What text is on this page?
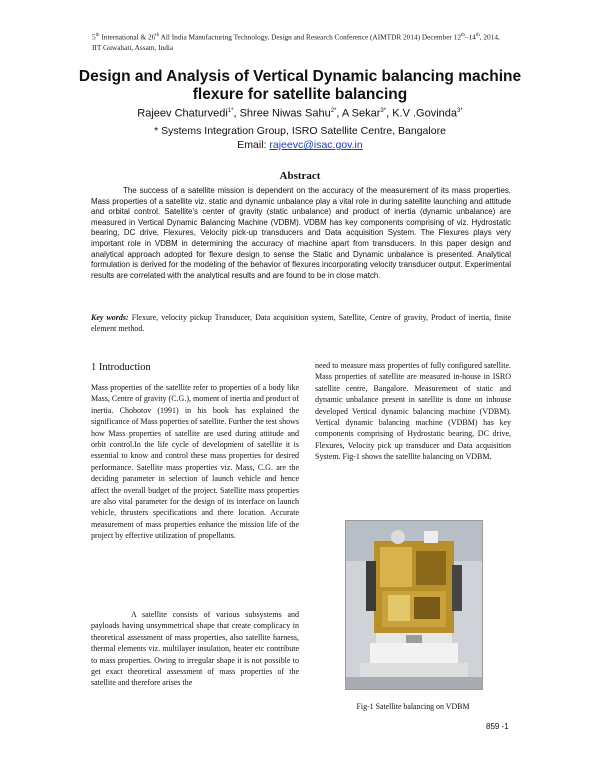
5th International & 26th All India Manufacturing Technology, Design and Research Conference (AIMTDR 2014) December 12th–14th, 2014,
IIT Guwahati, Assam, India
Design and Analysis of Vertical Dynamic balancing machine flexure for satellite balancing
Rajeev Chaturvedi$^{1*}$, Shree Niwas Sahu$^{2*}$, A Sekar$^{3*}$, K.V .Govinda$^{3*}$
* Systems Integration Group, ISRO Satellite Centre, Bangalore
Email: rajeevc@isac.gov.in
Abstract
The success of a satellite mission is dependent on the accuracy of the measurement of its mass properties. Mass properties of a satellite viz. static and dynamic unbalance play a vital role in during satellite launching and attitude and orbital control. Satellite’s center of gravity (static unbalance) and product of inertia (dynamic unbalance) are measured in Vertical Dynamic Balancing Machine (VDBM). VDBM has key components comprising of viz. Hydrostatic bearing, DC drive, Flexures, Velocity pick-up transducers and Data acquisition System. The Flexures plays very important role in VDBM in determining the accuracy of machine apart from transducers. In this paper design and analytical approach adopted for flexure design to sense the Static and Dynamic unbalance is presented. Analytical formulation is derived for the modeling of the behavior of flexures incorporating velocity transducer output. Experimental results are correlated with the analytical results and are found to be in close match.
Key words: Flexure, velocity pickup Transducer, Data acquisition system, Satellite, Centre of gravity, Product of inertia, finite element method.
1 Introduction

Mass properties of the satellite refer to properties of a body like Mass, Centre of gravity (C.G.), moment of inertia and product of inertia. Chobotov (1991) in his book has explained the significance of Mass poperties of satellite. Further the test shows how Mass properties of satellite are used during attitude and orbit control.In the life cycle of development of satellite it is essential to know and control these mass properties for desired performance. Satellite mass properties viz. Mass, C.G. are the deciding parameter in selection of launch vehicle and hence affect the overall budget of the project. Satellite mass properties are also vital parameter for the design of its interface on launch vehicle, thrusters specifications and there location. Accurate measurement of mass properties enhance the mission life of the project by effective utilization of propellants.

A satellite consists of various subsystems and payloads having unsymmetrical shape that create complicacy in theoretical assessment of mass properties, also satellite harness, thermal elements viz. multilayer insulation, heater etc contribute to mass properties. Owing to irregular shape it is not possible to get exact theoretical assessment of mass properties of the satellite and therefore arises the

need to measure mass properties of fully configured satellite. Mass properties of satellite are measured in-house in ISRO satellite centre, Bangalore. Measurement of static and dynamic unbalance present in satellite is done on inhouse developed Vertical dynamic balancing machine (VDBM). Vertical dynamic balancing machine (VDBM) has key components comprising of Hydrostatic bearing, DC drive, Flexures, Velocity pick up transducer and Data acquisition System. Fig-1 shows the satellite balancing on VDBM.

Fig-1 Satellite balancing on VDBM
859 -1
